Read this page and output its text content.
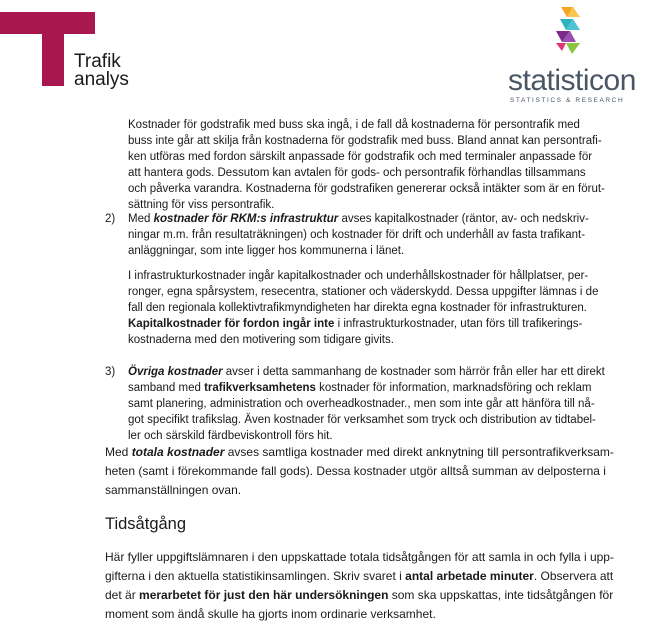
Trafik
analys	statisticon
STATISTICS & RESEARCH

Kostnader för godstrafik med buss ska ingå, i de fall då kostnaderna för persontrafik med

buss inte går att skilja från kostnaderna för godstrafik med buss. Bland annat kan persontrafi-

ken utföras med fordon särskilt anpassade för godstrafik och med terminaler anpassade för

att hantera gods. Dessutom kan avtalen för gods- och persontrafik förhandlas tillsammans

och påverka varandra. Kostnaderna för godstrafiken genererar också intäkter som är en förut-

sättning för viss persontrafik.

2) Med kostnader för RKM:s infrastruktur avses kapitalkostnader (räntor, av- och nedskriv-

ningar m.m. från resultaträkningen) och kostnader för drift och underhåll av fasta trafikant-

anläggningar, som inte ligger hos kommunerna i länet.

I infrastrukturkostnader ingår kapitalkostnader och underhållskostnader för hållplatser, per-

ronger, egna spårsystem, resecentra, stationer och väderskydd. Dessa uppgifter lämnas i de

fall den regionala kollektivtrafikmyndigheten har direkta egna kostnader för infrastrukturen.

Kapitalkostnader för fordon ingår inte i infrastrukturkostnader, utan förs till trafikerings-

kostnaderna med den motivering som tidigare givits.

3) Övriga kostnader avser i detta sammanhang de kostnader som härrör från eller har ett direkt

samband med trafikverksamhetens kostnader för information, marknadsföring och reklam

samt planering, administration och overheadkostnader., men som inte går att hänföra till nå-

got specifikt trafikslag. Även kostnader för verksamhet som tryck och distribution av tidtabel-

ler och särskild färdbeviskontroll förs hit.

Med totala kostnader avses samtliga kostnader med direkt anknytning till persontrafikverksam-

heten (samt i förekommande fall gods). Dessa kostnader utgör alltså summan av delposterna i

sammanställningen ovan.

Tidsåtgång

Här fyller uppgiftslämnaren i den uppskattade totala tidsåtgången för att samla in och fylla i upp-

gifterna i den aktuella statistikinsamlingen. Skriv svaret i antal arbetade minuter. Observera att

det är merarbetet för just den här undersökningen som ska uppskattas, inte tidsåtgången för

moment som ändå skulle ha gjorts inom ordinarie verksamhet.
